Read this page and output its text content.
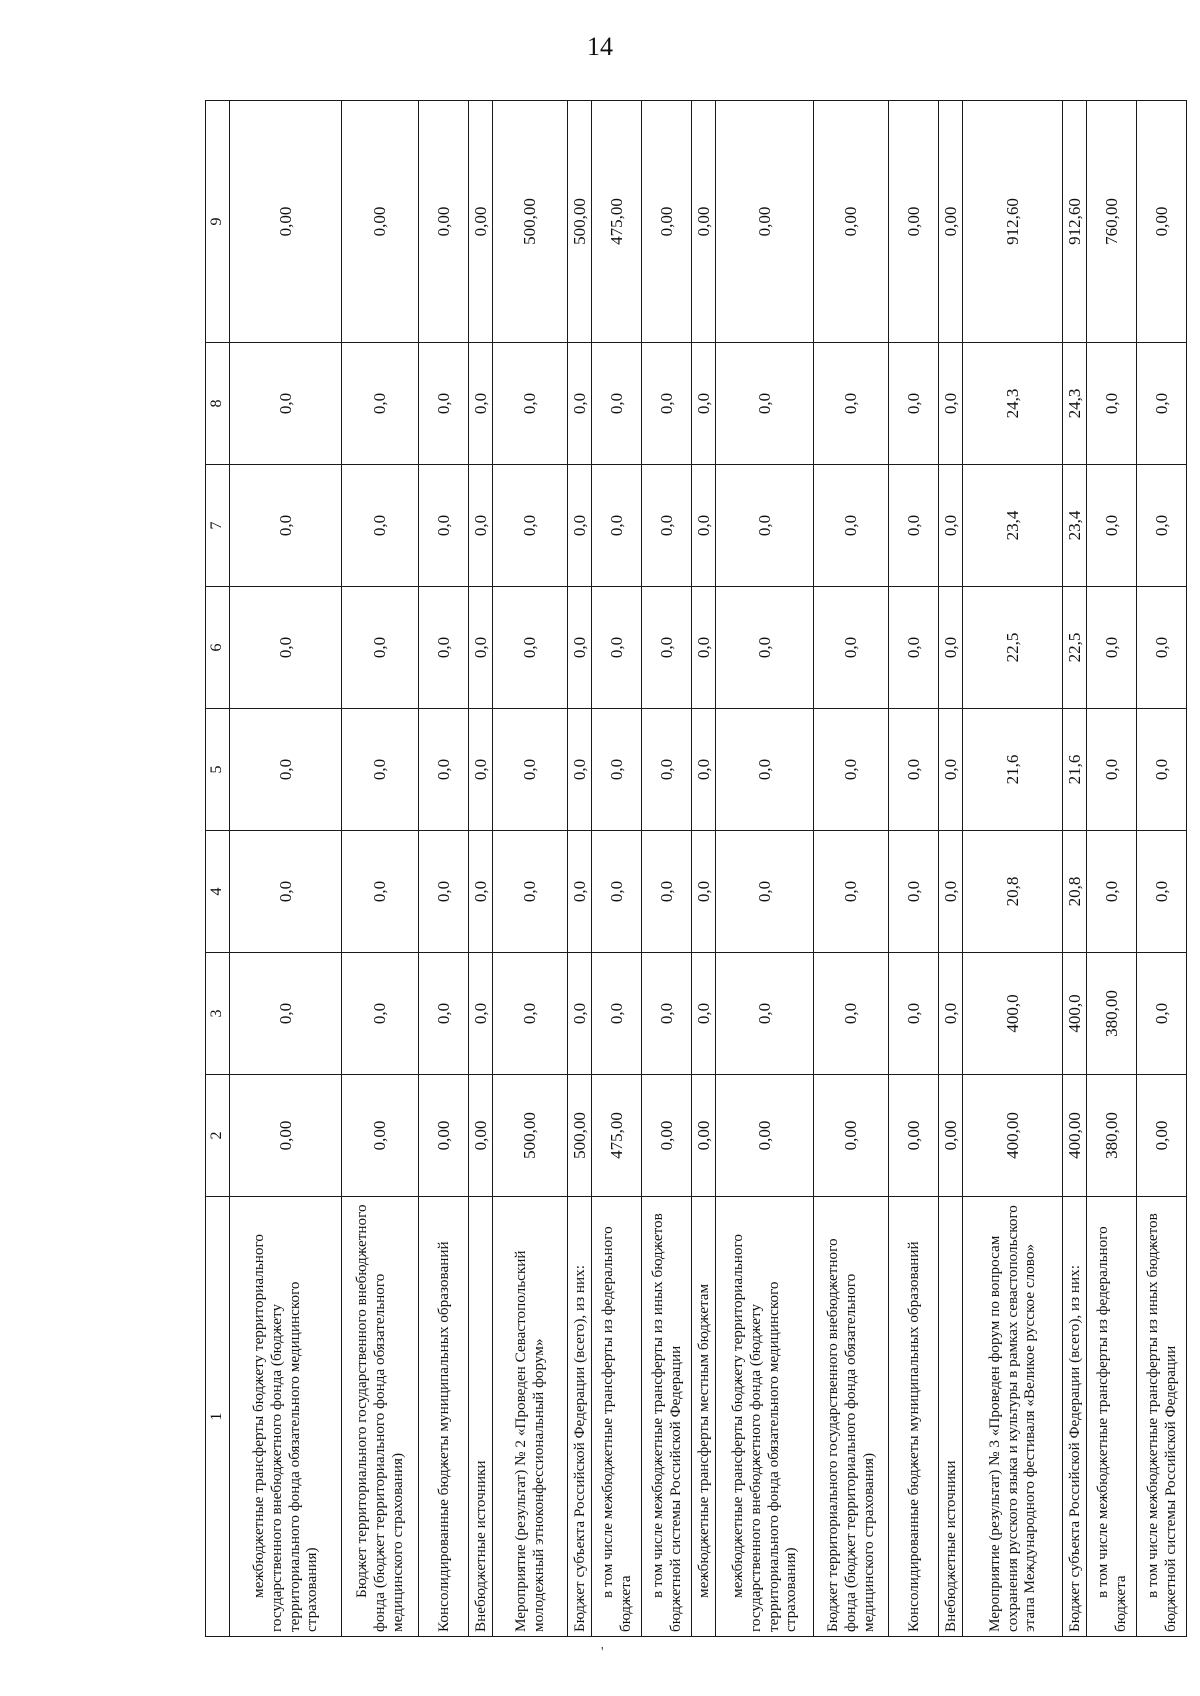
14
1	2	3	4	5	6	7	8	9
межбюджетные трансферты бюджету территориального государственного внебюджетного фонда (бюджету территориального фонда обязательного медицинского страхования)	0,00	0,0	0,0	0,0	0,0	0,0	0,0	0,00
Бюджет территориального государственного внебюджетного фонда (бюджет территориального фонда обязательного медицинского страхования)	0,00	0,0	0,0	0,0	0,0	0,0	0,0	0,00
Консолидированные бюджеты муниципальных образований	0,00	0,0	0,0	0,0	0,0	0,0	0,0	0,00
Внебюджетные источники	0,00	0,0	0,0	0,0	0,0	0,0	0,0	0,00
Мероприятие (результат) № 2 «Проведен Севастопольский молодежный этноконфессиональный форум»	500,00	0,0	0,0	0,0	0,0	0,0	0,0	500,00
Бюджет субъекта Российской Федерации (всего), из них:	500,00	0,0	0,0	0,0	0,0	0,0	0,0	500,00
в том числе межбюджетные трансферты из федерального бюджета	475,00	0,0	0,0	0,0	0,0	0,0	0,0	475,00
в том числе межбюджетные трансферты из иных бюджетов бюджетной системы Российской Федерации	0,00	0,0	0,0	0,0	0,0	0,0	0,0	0,00
межбюджетные трансферты местным бюджетам	0,00	0,0	0,0	0,0	0,0	0,0	0,0	0,00
межбюджетные трансферты бюджету территориального государственного внебюджетного фонда (бюджету территориального фонда обязательного медицинского страхования)	0,00	0,0	0,0	0,0	0,0	0,0	0,0	0,00
Бюджет территориального государственного внебюджетного фонда (бюджет территориального фонда обязательного медицинского страхования)	0,00	0,0	0,0	0,0	0,0	0,0	0,0	0,00
Консолидированные бюджеты муниципальных образований	0,00	0,0	0,0	0,0	0,0	0,0	0,0	0,00
Внебюджетные источники	0,00	0,0	0,0	0,0	0,0	0,0	0,0	0,00
Мероприятие (результат) № 3 «Проведен форум по вопросам сохранения русского языка и культуры в рамках севастопольского этапа Международного фестиваля «Великое русское слово»	400,00	400,0	20,8	21,6	22,5	23,4	24,3	912,60
Бюджет субъекта Российской Федерации (всего), из них:	400,00	400,0	20,8	21,6	22,5	23,4	24,3	912,60
в том числе межбюджетные трансферты из федерального бюджета	380,00	380,00	0,0	0,0	0,0	0,0	0,0	760,00
в том числе межбюджетные трансферты из иных бюджетов бюджетной системы Российской Федерации	0,00	0,0	0,0	0,0	0,0	0,0	0,0	0,00
'
